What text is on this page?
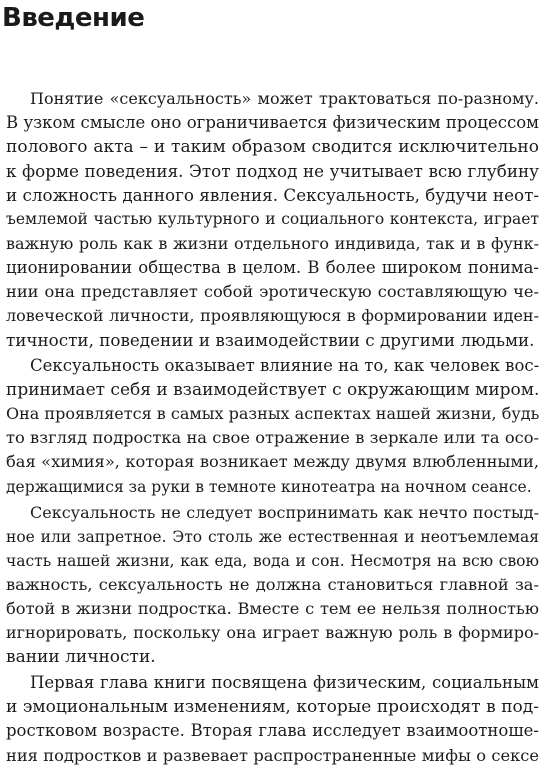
Введение
Понятие «сексуальность» может трактоваться по-разному.
В узком смысле оно ограничивается физическим процессом
полового акта – и таким образом сводится исключительно
к форме поведения. Этот подход не учитывает всю глубину
и сложность данного явления. Сексуальность, будучи неот-
ъемлемой частью культурного и социального контекста, играет
важную роль как в жизни отдельного индивида, так и в функ-
ционировании общества в целом. В более широком понима-
нии она представляет собой эротическую составляющую че-
ловеческой личности, проявляющуюся в формировании иден-
тичности, поведении и взаимодействии с другими людьми.
Сексуальность оказывает влияние на то, как человек вос-
принимает себя и взаимодействует с окружающим миром.
Она проявляется в самых разных аспектах нашей жизни, будь
то взгляд подростка на свое отражение в зеркале или та осо-
бая «химия», которая возникает между двумя влюбленными,
держащимися за руки в темноте кинотеатра на ночном сеансе.
Сексуальность не следует воспринимать как нечто постыд-
ное или запретное. Это столь же естественная и неотъемлемая
часть нашей жизни, как еда, вода и сон. Несмотря на всю свою
важность, сексуальность не должна становиться главной за-
ботой в жизни подростка. Вместе с тем ее нельзя полностью
игнорировать, поскольку она играет важную роль в формиро-
вании личности.
Первая глава книги посвящена физическим, социальным
и эмоциональным изменениям, которые происходят в под-
ростковом возрасте. Вторая глава исследует взаимоотноше-
ния подростков и развевает распространенные мифы о сексе
